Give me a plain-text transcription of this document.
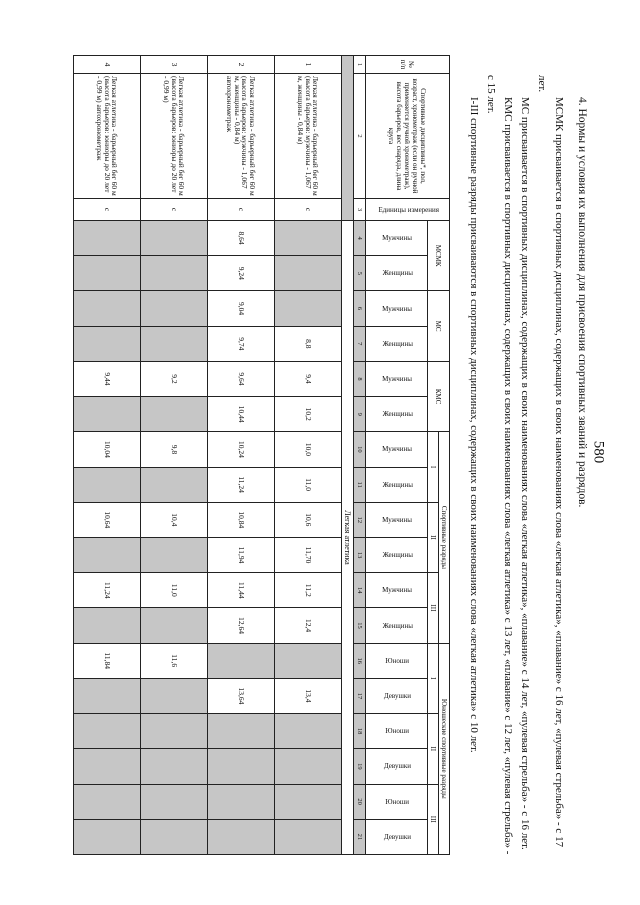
580

4. Нормы и условия их выполнения для присвоения спортивных званий и разрядов.

МСМК присваивается в спортивных дисциплинах, содержащих в своих наименованиях слова «легкая атлетика», «плавание» с 16 лет, «пулевая стрельба» - с 17 лет.

МС присваивается в спортивных дисциплинах, содержащих в своих наименованиях слова «легкая атлетика», «плавание» с 14 лет, «пулевая стрельба» - с 16 лет.

КМС присваивается в спортивных дисциплинах, содержащих в своих наименованиях слова «легкая атлетика» с 13 лет, «плавание» с 12 лет, «пулевая стрельба» - с 15 лет.

I-III спортивные разряды присваиваются в спортивных дисциплинах, содержащих в своих наименованиях слова «легкая атлетика» с 10 лет.

№ п/п	Спортивные дисциплины*, пол, возраст, хронометраж (если он ручной применяется ручной хронометраж), высота барьеров, вес снаряда, длина круга	Единицы измерения	МСМК		МС		КМС		Спортивные разряды						Юношеские спортивные разряды					
									I		II		III		I		II		III	
			Мужчины	Женщины	Мужчины	Женщины	Мужчины	Женщины	Мужчины	Женщины	Мужчины	Женщины	Мужчины	Женщины	Юноши	Девушки	Юноши	Девушки	Юноши	Девушки
1	2	3	4	5	6	7	8	9	10	11	12	13	14	15	16	17	18	19	20	21
			Легкая атлетика																	
1	Легкая атлетика - барьерный бег 60 м (высота барьеров: мужчины - 1,067 м, женщины - 0,84 м)	с				8,8	9,4	10,2	10,0	11,0	10,6	11,70	11,2	12,4		13,4				
2	Легкая атлетика - барьерный бег 60 м (высота барьеров: мужчины - 1,067 м, женщины - 0,84 м) автохронометраж	с	8,64	9,24	9,04	9,74	9,64	10,44	10,24	11,24	10,84	11,94	11,44	12,64		13,64				
3	Легкая атлетика - барьерный бег 60 м (высота барьеров: юниоры до 20 лет - 0,99 м)	с					9,2		9,8		10,4		11,0		11,6					
4	Легкая атлетика - барьерный бег 60 м (высота барьеров: юниоры до 20 лет - 0,99 м) автохронометраж	с					9,44		10,04		10,64		11,24		11,84					
